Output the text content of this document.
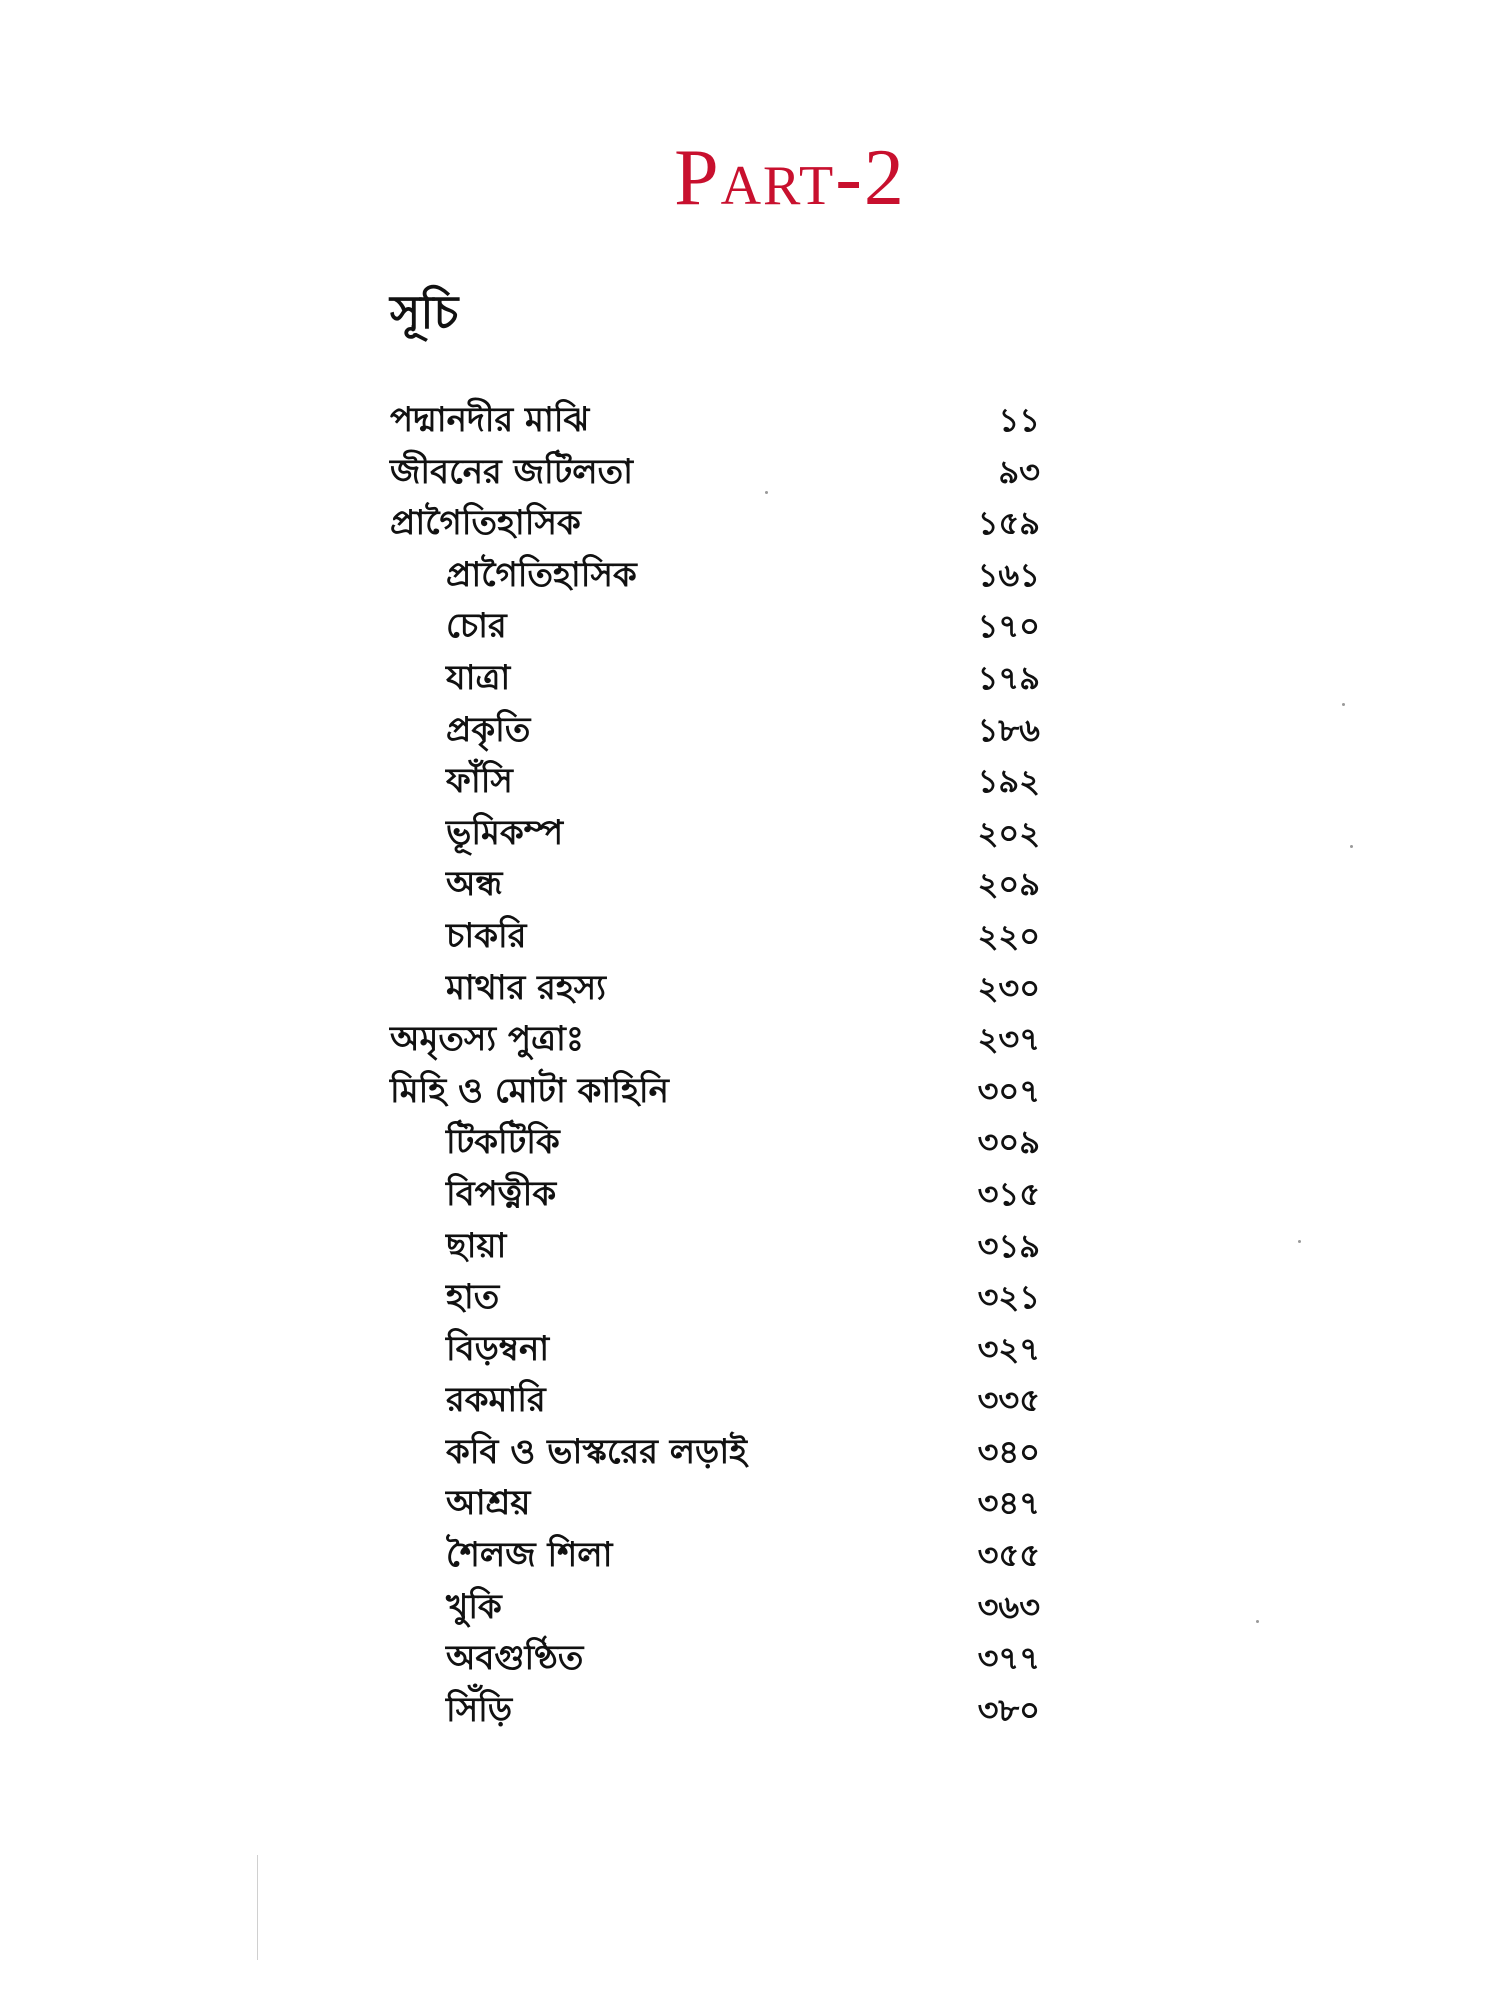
Part-2
সূচি
পদ্মানদীর মাঝি	১১
জীবনের জটিলতা	৯৩
প্রাগৈতিহাসিক	১৫৯
প্রাগৈতিহাসিক	১৬১
চোর	১৭০
যাত্রা	১৭৯
প্রকৃতি	১৮৬
ফাঁসি	১৯২
ভূমিকম্প	২০২
অন্ধ	২০৯
চাকরি	২২০
মাথার রহস্য	২৩০
অমৃতস্য পুত্রাঃ	২৩৭
মিহি ও মোটা কাহিনি	৩০৭
টিকটিকি	৩০৯
বিপত্নীক	৩১৫
ছায়া	৩১৯
হাত	৩২১
বিড়ম্বনা	৩২৭
রকমারি	৩৩৫
কবি ও ভাস্করের লড়াই	৩৪০
আশ্রয়	৩৪৭
শৈলজ শিলা	৩৫৫
খুকি	৩৬৩
অবগুণ্ঠিত	৩৭৭
সিঁড়ি	৩৮০
